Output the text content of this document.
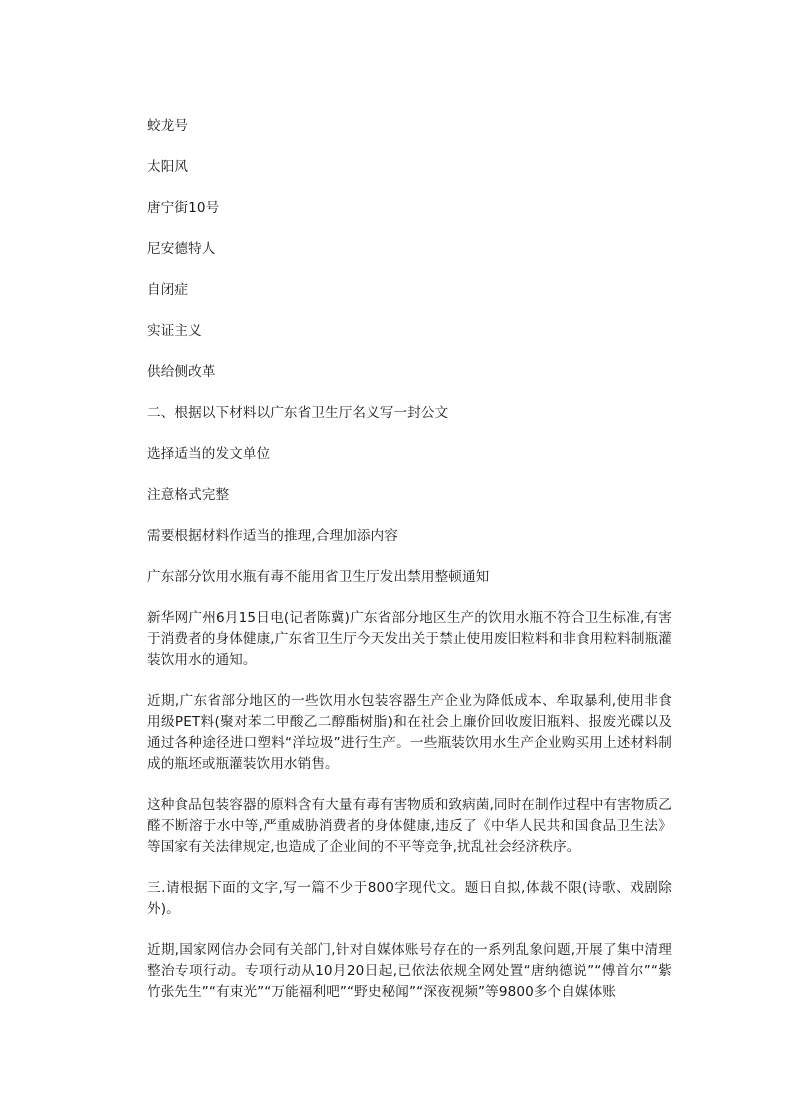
蛟龙号

太阳风

唐宁街10号

尼安德特人

自闭症

实证主义

供给侧改革

二、根据以下材料以广东省卫生厅名义写一封公文

选择适当的发文单位

注意格式完整

需要根据材料作适当的推理,合理加添内容

广东部分饮用水瓶有毒不能用省卫生厅发出禁用整顿通知

新华网广州6月15日电(记者陈冀)广东省部分地区生产的饮用水瓶不符合卫生标准,有害于消费者的身体健康,广东省卫生厅今天发出关于禁止使用废旧粒料和非食用粒料制瓶灌装饮用水的通知。

近期,广东省部分地区的一些饮用水包装容器生产企业为降低成本、牟取暴利,使用非食用级PET料(聚对苯二甲酸乙二醇酯树脂)和在社会上廉价回收废旧瓶料、报废光碟以及通过各种途径进口塑料“洋垃圾”进行生产。一些瓶装饮用水生产企业购买用上述材料制成的瓶坯或瓶灌装饮用水销售。

这种食品包装容器的原料含有大量有毒有害物质和致病菌,同时在制作过程中有害物质乙醛不断溶于水中等,严重威胁消费者的身体健康,违反了《中华人民共和国食品卫生法》等国家有关法律规定,也造成了企业间的不平等竞争,扰乱社会经济秩序。

三.请根据下面的文字,写一篇不少于800字现代文。题日自拟,体裁不限(诗歌、戏剧除外)。

近期,国家网信办会同有关部门,针对自媒体账号存在的一系列乱象问题,开展了集中清理整治专项行动。专项行动从10月20日起,已依法依规全网处置“唐纳德说”“傅首尔”“紫竹张先生”“有束光”“万能福利吧”“野史秘闻”“深夜视频”等9800多个自媒体账
